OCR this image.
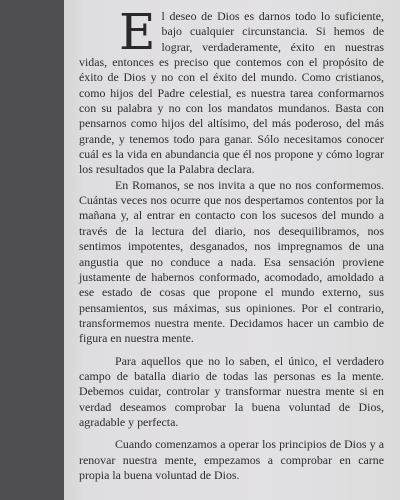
El deseo de Dios es darnos todo lo suficiente, bajo cualquier circunstancia. Si hemos de lograr, verdaderamente, éxito en nuestras vidas, entonces es preciso que contemos con el propósito de éxito de Dios y no con el éxito del mundo. Como cristianos, como hijos del Padre celestial, es nuestra tarea conformarnos con su palabra y no con los mandatos mundanos. Basta con pensarnos como hijos del altísimo, del más poderoso, del más grande, y tenemos todo para ganar. Sólo necesitamos conocer cuál es la vida en abundancia que él nos propone y cómo lograr los resultados que la Palabra declara.

En Romanos, se nos invita a que no nos conformemos. Cuántas veces nos ocurre que nos despertamos contentos por la mañana y, al entrar en contacto con los sucesos del mundo a través de la lectura del diario, nos desequilibramos, nos sentimos impotentes, desganados, nos impregnamos de una angustia que no conduce a nada. Esa sensación proviene justamente de habernos conformado, acomodado, amoldado a ese estado de cosas que propone el mundo externo, sus pensamientos, sus máximas, sus opiniones. Por el contrario, transformemos nuestra mente. Decidamos hacer un cambio de figura en nuestra mente.

Para aquellos que no lo saben, el único, el verdadero campo de batalla diario de todas las personas es la mente. Debemos cuidar, controlar y transformar nuestra mente si en verdad deseamos comprobar la buena voluntad de Dios, agradable y perfecta.

Cuando comenzamos a operar los principios de Dios y a renovar nuestra mente, empezamos a comprobar en carne propia la buena voluntad de Dios.
